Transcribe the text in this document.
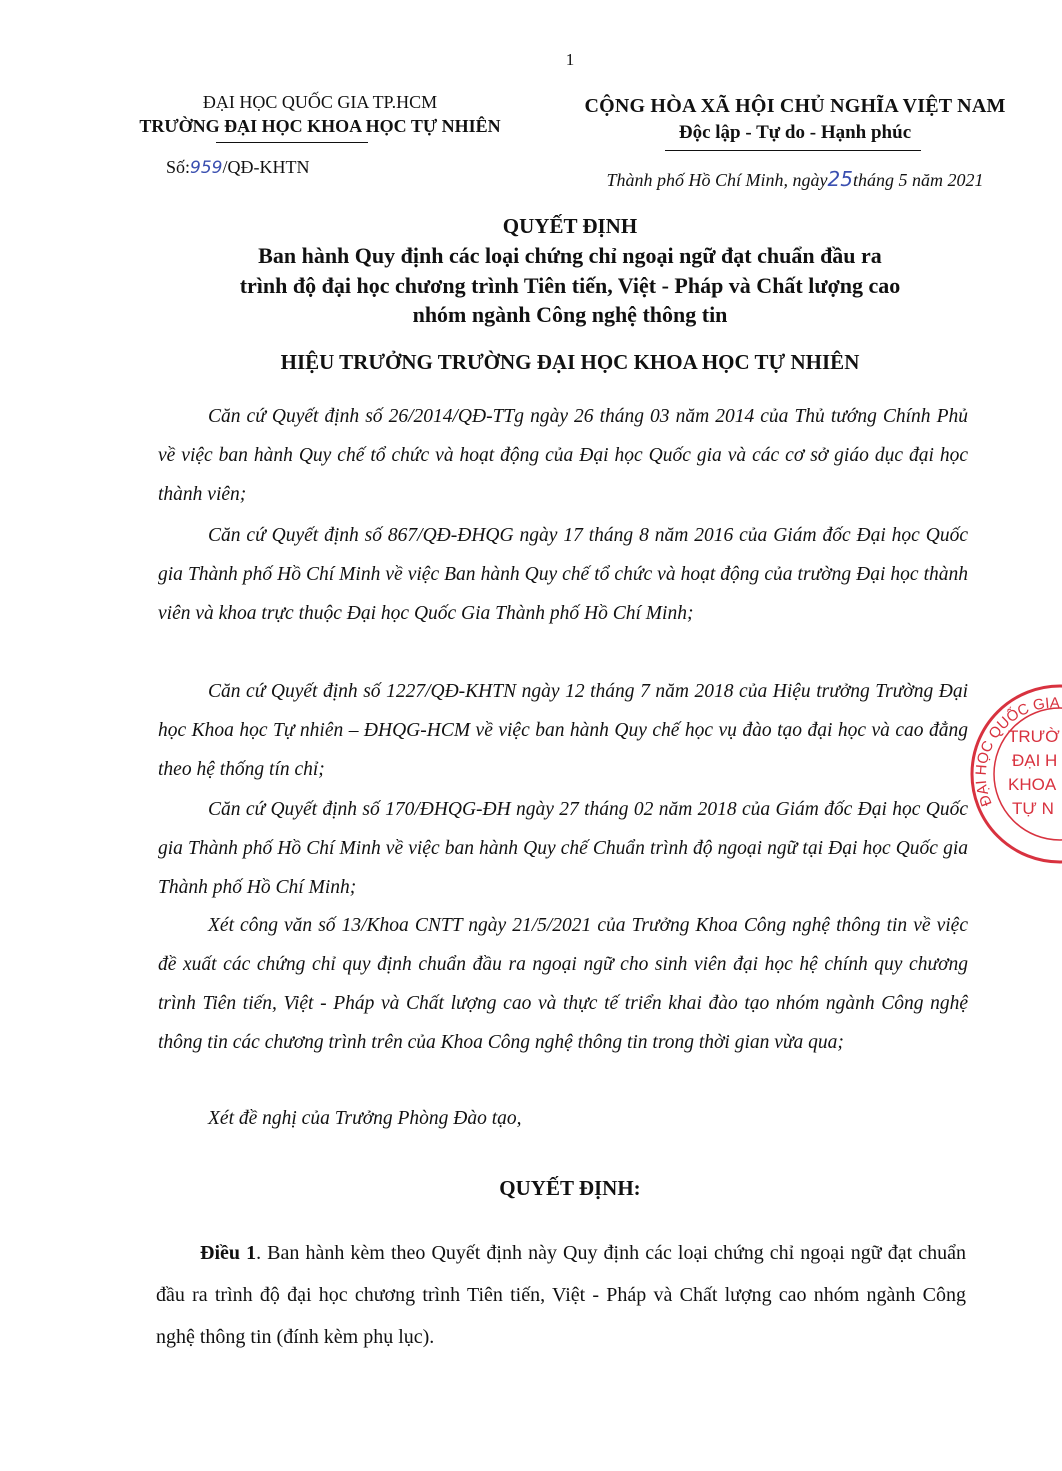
1
ĐẠI HỌC QUỐC GIA TP.HCM
TRƯỜNG ĐẠI HỌC KHOA HỌC TỰ NHIÊN
Số:959/QĐ-KHTN
CỘNG HÒA XÃ HỘI CHỦ NGHĨA VIỆT NAM
Độc lập - Tự do - Hạnh phúc
Thành phố Hồ Chí Minh, ngày25tháng 5 năm 2021
QUYẾT ĐỊNH
Ban hành Quy định các loại chứng chỉ ngoại ngữ đạt chuẩn đầu ra
trình độ đại học chương trình Tiên tiến, Việt - Pháp và Chất lượng cao
nhóm ngành Công nghệ thông tin
HIỆU TRƯỞNG TRƯỜNG ĐẠI HỌC KHOA HỌC TỰ NHIÊN
Căn cứ Quyết định số 26/2014/QĐ-TTg ngày 26 tháng 03 năm 2014 của Thủ tướng Chính Phủ về việc ban hành Quy chế tổ chức và hoạt động của Đại học Quốc gia và các cơ sở giáo dục đại học thành viên;
Căn cứ Quyết định số 867/QĐ-ĐHQG ngày 17 tháng 8 năm 2016 của Giám đốc Đại học Quốc gia Thành phố Hồ Chí Minh về việc Ban hành Quy chế tổ chức và hoạt động của trường Đại học thành viên và khoa trực thuộc Đại học Quốc Gia Thành phố Hồ Chí Minh;
Căn cứ Quyết định số 1227/QĐ-KHTN ngày 12 tháng 7 năm 2018 của Hiệu trưởng Trường Đại học Khoa học Tự nhiên – ĐHQG-HCM về việc ban hành Quy chế học vụ đào tạo đại học và cao đẳng theo hệ thống tín chỉ;
Căn cứ Quyết định số 170/ĐHQG-ĐH ngày 27 tháng 02 năm 2018 của Giám đốc Đại học Quốc gia Thành phố Hồ Chí Minh về việc ban hành Quy chế Chuẩn trình độ ngoại ngữ tại Đại học Quốc gia Thành phố Hồ Chí Minh;
Xét công văn số 13/Khoa CNTT ngày 21/5/2021 của Trưởng Khoa Công nghệ thông tin về việc đề xuất các chứng chỉ quy định chuẩn đầu ra ngoại ngữ cho sinh viên đại học hệ chính quy chương trình Tiên tiến, Việt - Pháp và Chất lượng cao và thực tế triển khai đào tạo nhóm ngành Công nghệ thông tin các chương trình trên của Khoa Công nghệ thông tin trong thời gian vừa qua;
Xét đề nghị của Trưởng Phòng Đào tạo,
QUYẾT ĐỊNH:
Điều 1. Ban hành kèm theo Quyết định này Quy định các loại chứng chỉ ngoại ngữ đạt chuẩn đầu ra trình độ đại học chương trình Tiên tiến, Việt - Pháp và Chất lượng cao nhóm ngành Công nghệ thông tin (đính kèm phụ lục).
ĐẠI HỌC QUỐC GIA
TRƯỜ
ĐẠI H
KHOA
TỰ N
